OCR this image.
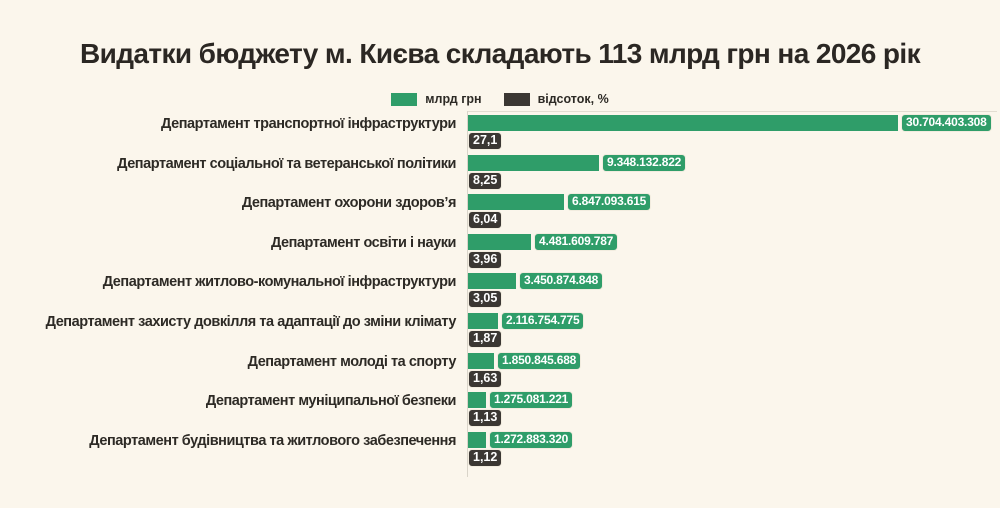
Видатки бюджету м. Києва складають 113 млрд грн на 2026 рік
млрд грн	відсоток, %
Департамент транспортної інфраструктури	30.704.403.308
27,1
Департамент соціальної та ветеранської політики	9.348.132.822
8,25
Департамент охорони здоров’я	6.847.093.615
6,04
Департамент освіти і науки	4.481.609.787
3,96
Департамент житлово-комунальної інфраструктури	3.450.874.848
3,05
Департамент захисту довкілля та адаптації до зміни клімату	2.116.754.775
1,87
Департамент молоді та спорту	1.850.845.688
1,63
Департамент муніципальної безпеки	1.275.081.221
1,13
Департамент будівництва та житлового забезпечення	1.272.883.320
1,12
